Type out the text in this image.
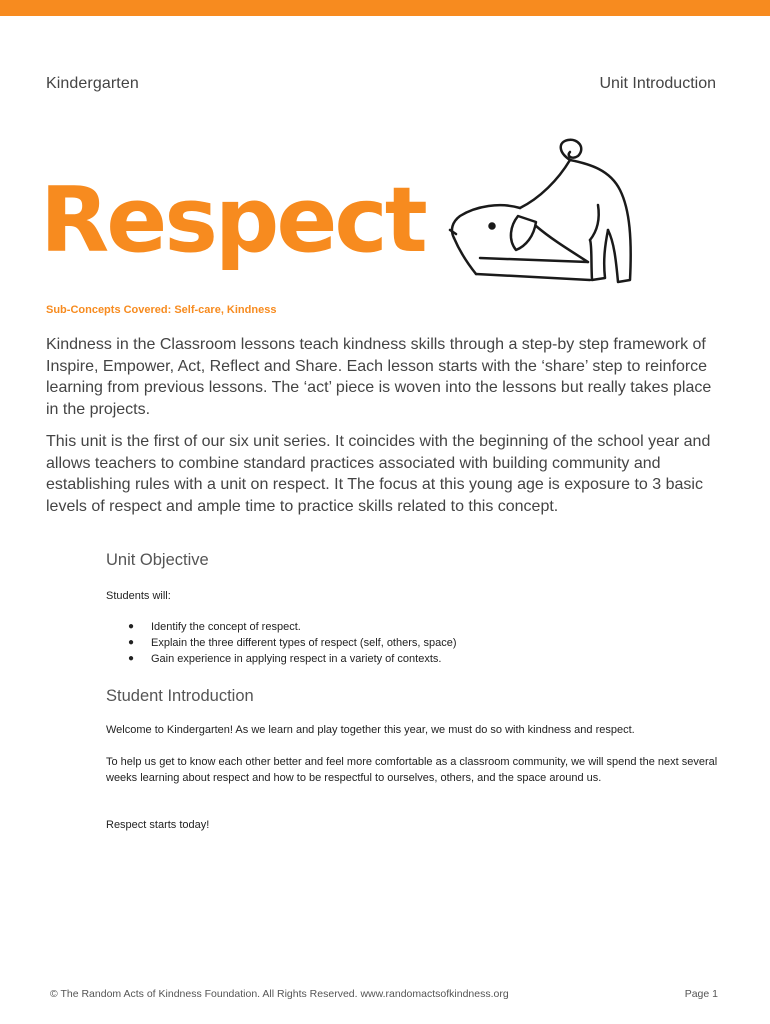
Kindergarten	Unit Introduction
Respect
Sub-Concepts Covered: Self-care, Kindness

Kindness in the Classroom lessons teach kindness skills through a step-by step framework of Inspire, Empower, Act, Reflect and Share. Each lesson starts with the ‘share’ step to reinforce learning from previous lessons. The ‘act’ piece is woven into the lessons but really takes place in the projects.

This unit is the first of our six unit series. It coincides with the beginning of the school year and allows teachers to combine standard practices associated with building community and establishing rules with a unit on respect. It The focus at this young age is exposure to 3 basic levels of respect and ample time to practice skills related to this concept.

Unit Objective

Students will:

● Identify the concept of respect.
● Explain the three different types of respect (self, others, space)
● Gain experience in applying respect in a variety of contexts.

Student Introduction

Welcome to Kindergarten! As we learn and play together this year, we must do so with kindness and respect.

To help us get to know each other better and feel more comfortable as a classroom community, we will spend the next several weeks learning about respect and how to be respectful to ourselves, others, and the space around us.

Respect starts today!

© The Random Acts of Kindness Foundation. All Rights Reserved. www.randomactsofkindness.org	Page 1
